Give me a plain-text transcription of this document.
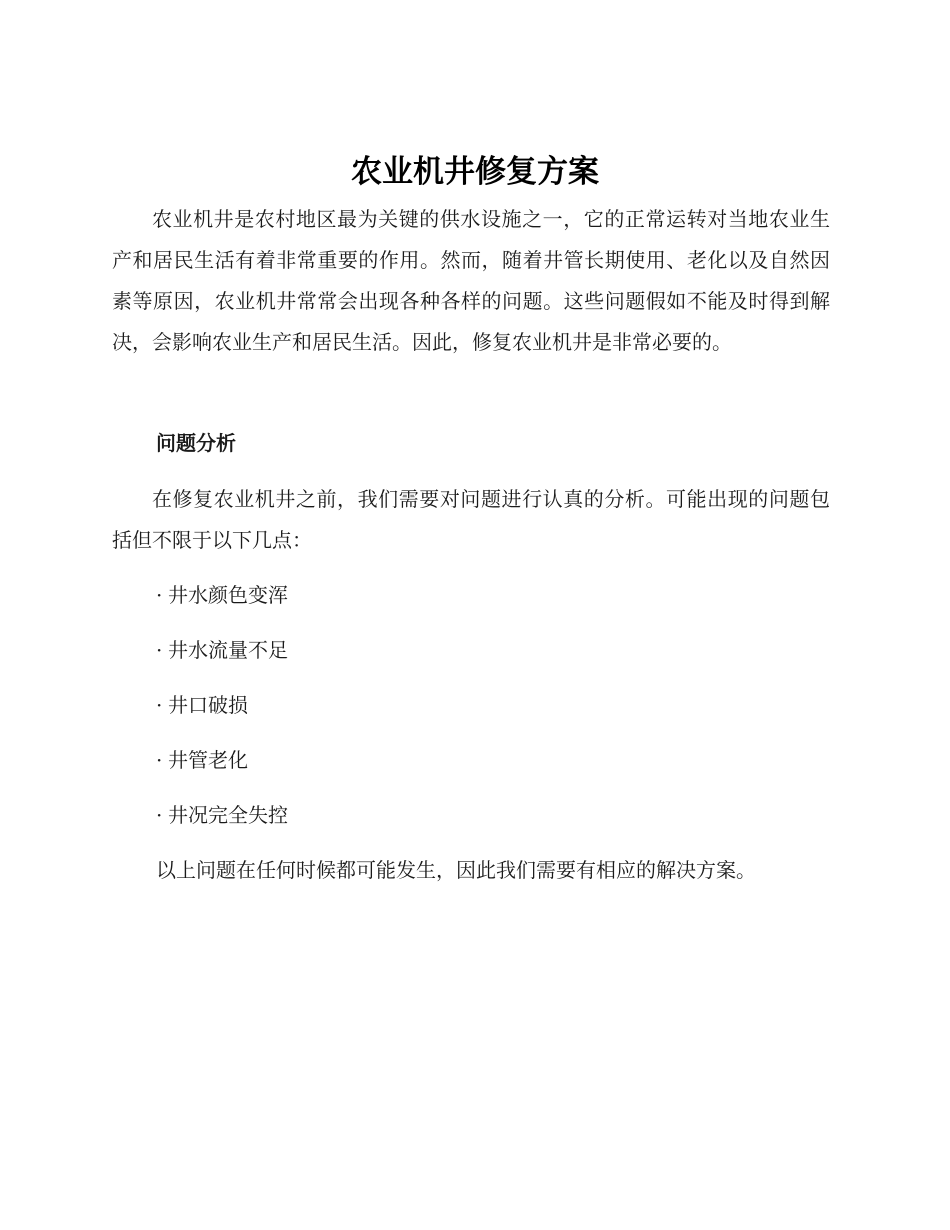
农业机井修复方案

农业机井是农村地区最为关键的供水设施之一，它的正常运转对当地农业生产和居民生活有着非常重要的作用。然而，随着井管长期使用、老化以及自然因素等原因，农业机井常常会出现各种各样的问题。这些问题假如不能及时得到解决，会影响农业生产和居民生活。因此，修复农业机井是非常必要的。

问题分析

在修复农业机井之前，我们需要对问题进行认真的分析。可能出现的问题包括但不限于以下几点：

· 井水颜色变浑
· 井水流量不足
· 井口破损
· 井管老化
· 井况完全失控

以上问题在任何时候都可能发生，因此我们需要有相应的解决方案。
